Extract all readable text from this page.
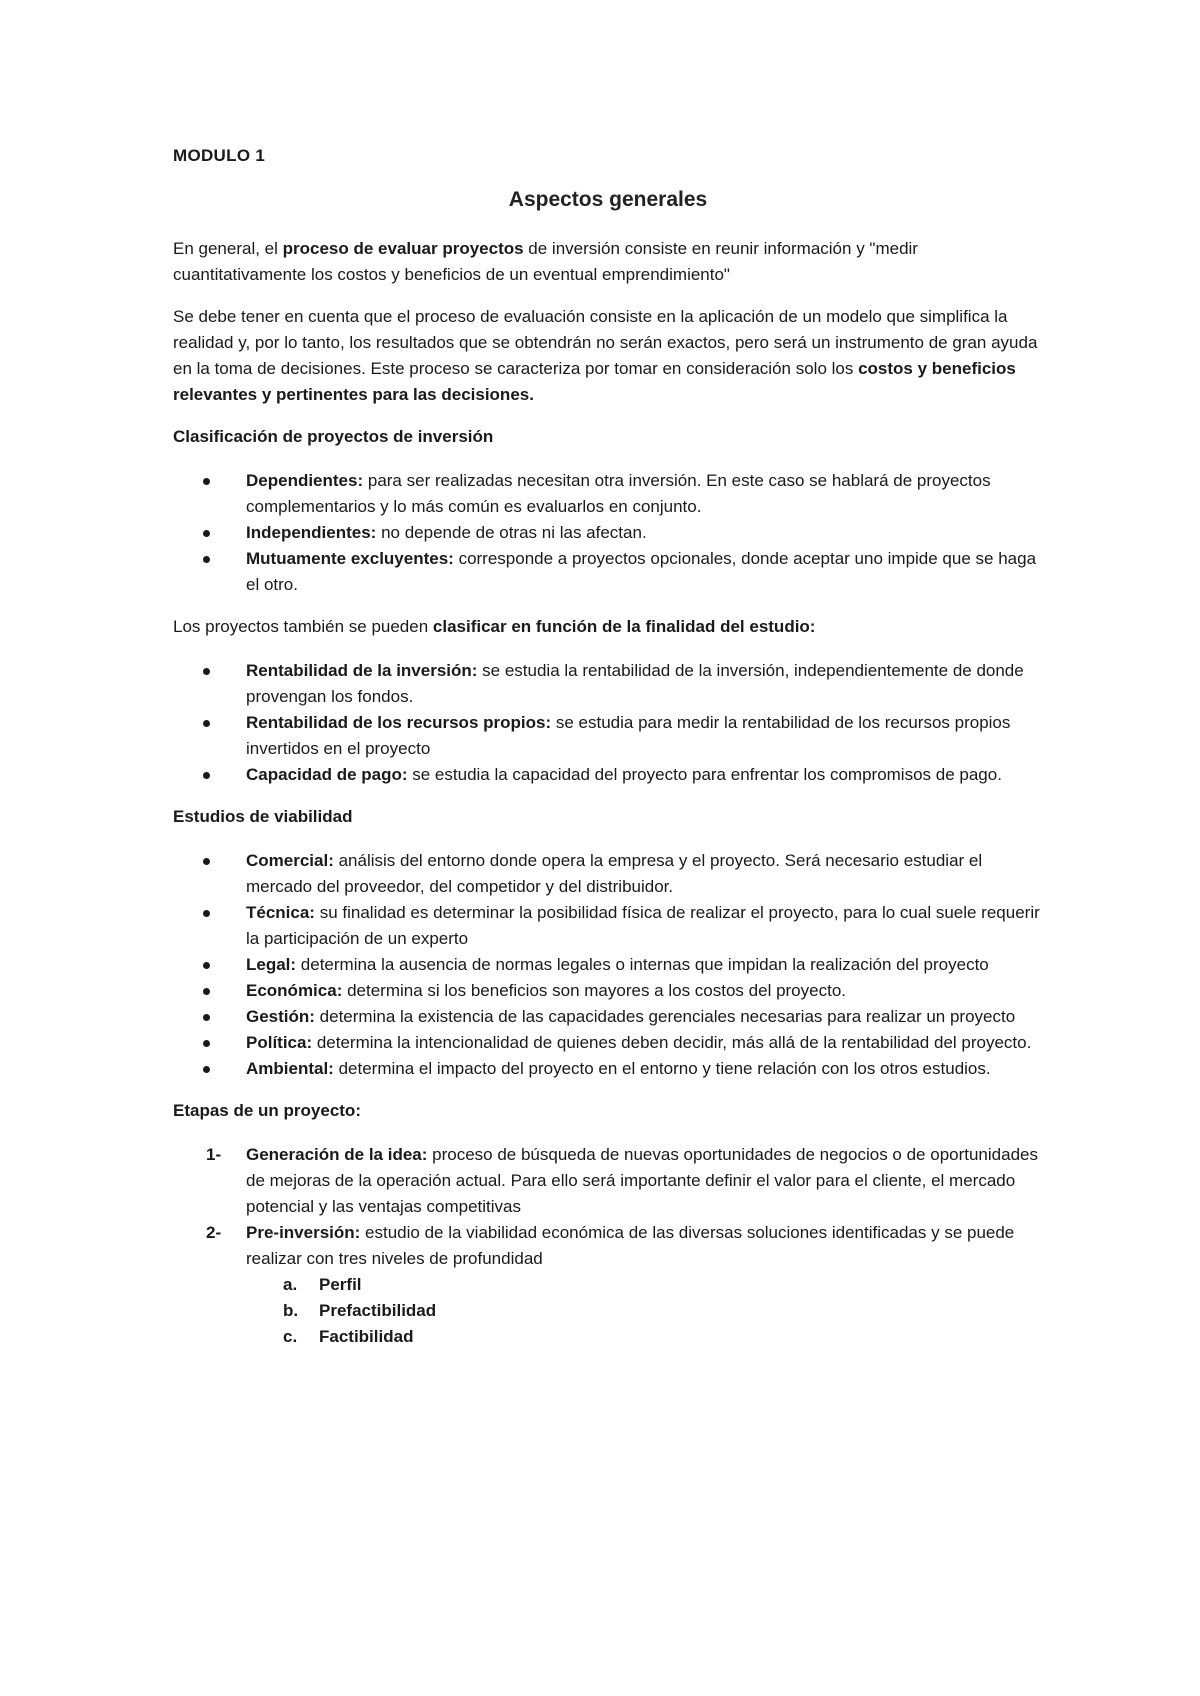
MODULO 1
Aspectos generales

En general, el proceso de evaluar proyectos de inversión consiste en reunir información y "medir cuantitativamente los costos y beneficios de un eventual emprendimiento"

Se debe tener en cuenta que el proceso de evaluación consiste en la aplicación de un modelo que simplifica la realidad y, por lo tanto, los resultados que se obtendrán no serán exactos, pero será un instrumento de gran ayuda en la toma de decisiones. Este proceso se caracteriza por tomar en consideración solo los costos y beneficios relevantes y pertinentes para las decisiones.

Clasificación de proyectos de inversión

Dependientes: para ser realizadas necesitan otra inversión. En este caso se hablará de proyectos complementarios y lo más común es evaluarlos en conjunto.
Independientes: no depende de otras ni las afectan.
Mutuamente excluyentes: corresponde a proyectos opcionales, donde aceptar uno impide que se haga el otro.

Los proyectos también se pueden clasificar en función de la finalidad del estudio:

Rentabilidad de la inversión: se estudia la rentabilidad de la inversión, independientemente de donde provengan los fondos.
Rentabilidad de los recursos propios: se estudia para medir la rentabilidad de los recursos propios invertidos en el proyecto
Capacidad de pago: se estudia la capacidad del proyecto para enfrentar los compromisos de pago.

Estudios de viabilidad

Comercial: análisis del entorno donde opera la empresa y el proyecto. Será necesario estudiar el mercado del proveedor, del competidor y del distribuidor.
Técnica: su finalidad es determinar la posibilidad física de realizar el proyecto, para lo cual suele requerir la participación de un experto
Legal: determina la ausencia de normas legales o internas que impidan la realización del proyecto
Económica: determina si los beneficios son mayores a los costos del proyecto.
Gestión: determina la existencia de las capacidades gerenciales necesarias para realizar un proyecto
Política: determina la intencionalidad de quienes deben decidir, más allá de la rentabilidad del proyecto.
Ambiental: determina el impacto del proyecto en el entorno y tiene relación con los otros estudios.

Etapas de un proyecto:

1- Generación de la idea: proceso de búsqueda de nuevas oportunidades de negocios o de oportunidades de mejoras de la operación actual. Para ello será importante definir el valor para el cliente, el mercado potencial y las ventajas competitivas
2- Pre-inversión: estudio de la viabilidad económica de las diversas soluciones identificadas y se puede realizar con tres niveles de profundidad
a. Perfil
b. Prefactibilidad
c. Factibilidad
